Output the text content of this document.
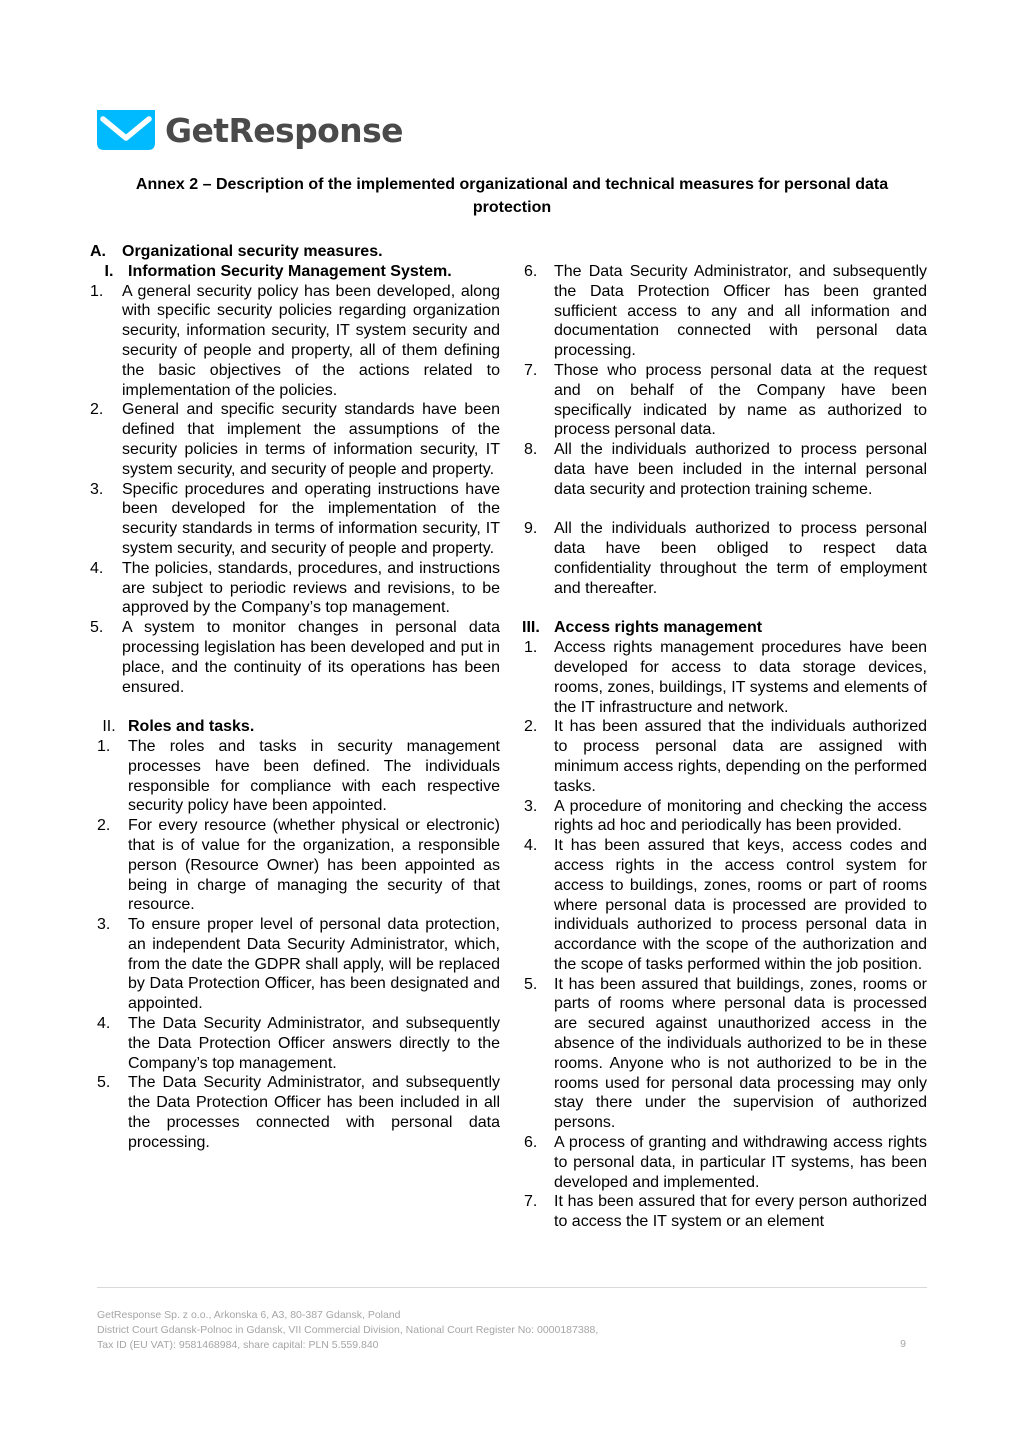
GetResponse
Annex 2 – Description of the implemented organizational and technical measures for personal data protection
A.	Organizational security measures.
I. Information Security Management System.
1.	A general security policy has been developed, along with specific security policies regarding organization security, information security, IT system security and security of people and property, all of them defining the basic objectives of the actions related to implementation of the policies.
2.	General and specific security standards have been defined that implement the assumptions of the security policies in terms of information security, IT system security, and security of people and property.
3.	Specific procedures and operating instructions have been developed for the implementation of the security standards in terms of information security, IT system security, and security of people and property.
4.	The policies, standards, procedures, and instructions are subject to periodic reviews and revisions, to be approved by the Company’s top management.
5.	A system to monitor changes in personal data processing legislation has been developed and put in place, and the continuity of its operations has been ensured.
II. Roles and tasks.
1.	The roles and tasks in security management processes have been defined. The individuals responsible for compliance with each respective security policy have been appointed.
2.	For every resource (whether physical or electronic) that is of value for the organization, a responsible person (Resource Owner) has been appointed as being in charge of managing the security of that resource.
3.	To ensure proper level of personal data protection, an independent Data Security Administrator, which, from the date the GDPR shall apply, will be replaced by Data Protection Officer, has been designated and appointed.
4.	The Data Security Administrator, and subsequently the Data Protection Officer answers directly to the Company’s top management.
5.	The Data Security Administrator, and subsequently the Data Protection Officer has been included in all the processes connected with personal data processing.
6.	The Data Security Administrator, and subsequently the Data Protection Officer has been granted sufficient access to any and all information and documentation connected with personal data processing.
7.	Those who process personal data at the request and on behalf of the Company have been specifically indicated by name as authorized to process personal data.
8.	All the individuals authorized to process personal data have been included in the internal personal data security and protection training scheme.
9.	All the individuals authorized to process personal data have been obliged to respect data confidentiality throughout the term of employment and thereafter.
III. Access rights management
1.	Access rights management procedures have been developed for access to data storage devices, rooms, zones, buildings, IT systems and elements of the IT infrastructure and network.
2.	It has been assured that the individuals authorized to process personal data are assigned with minimum access rights, depending on the performed tasks.
3.	A procedure of monitoring and checking the access rights ad hoc and periodically has been provided.
4.	It has been assured that keys, access codes and access rights in the access control system for access to buildings, zones, rooms or part of rooms where personal data is processed are provided to individuals authorized to process personal data in accordance with the scope of the authorization and the scope of tasks performed within the job position.
5.	It has been assured that buildings, zones, rooms or parts of rooms where personal data is processed are secured against unauthorized access in the absence of the individuals authorized to be in these rooms. Anyone who is not authorized to be in the rooms used for personal data processing may only stay there under the supervision of authorized persons.
6.	A process of granting and withdrawing access rights to personal data, in particular IT systems, has been developed and implemented.
7.	It has been assured that for every person authorized to access the IT system or an element
GetResponse Sp. z o.o., Arkonska 6, A3, 80-387 Gdansk, Poland
District Court Gdansk-Polnoc in Gdansk, VII Commercial Division, National Court Register No: 0000187388,
Tax ID (EU VAT): 9581468984, share capital: PLN 5.559.840	9
